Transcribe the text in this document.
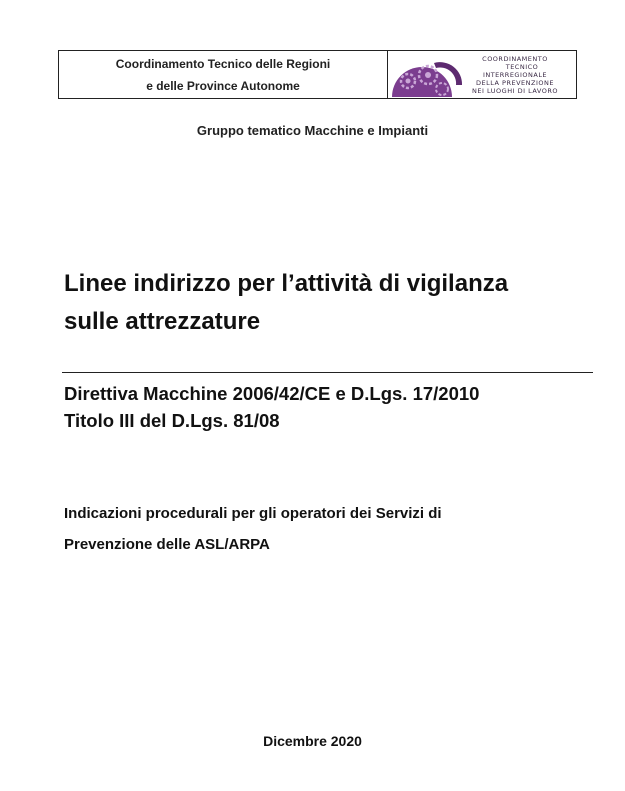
Coordinamento Tecnico delle Regioni
e delle Province Autonome
COORDINAMENTO
TECNICO
INTERREGIONALE
DELLA PREVENZIONE
NEI LUOGHI DI LAVORO
Gruppo tematico Macchine e Impianti
Linee indirizzo per l’attività di vigilanza
sulle attrezzature
Direttiva Macchine 2006/42/CE e D.Lgs. 17/2010
Titolo III del D.Lgs. 81/08
Indicazioni procedurali per gli operatori dei Servizi di
Prevenzione delle ASL/ARPA
Dicembre 2020
